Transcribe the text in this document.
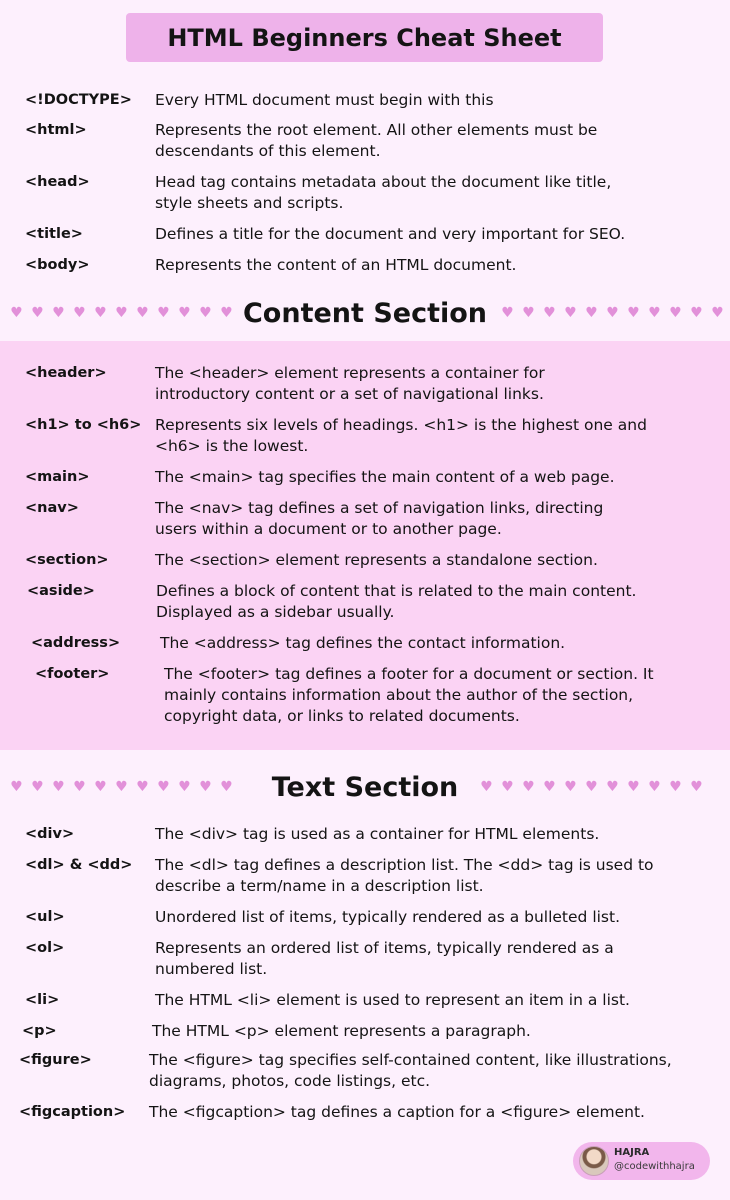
HTML Beginners Cheat Sheet
<!DOCTYPE> Every HTML document must begin with this
<html>	Represents the root element. All other elements must be
descendants of this element.
<head>	Head tag contains metadata about the document like title,
style sheets and scripts.
<title>	Defines a title for the document and very important for SEO.
<body>	Represents the content of an HTML document.
♥ ♥ ♥ ♥ ♥ ♥ ♥ ♥ ♥ ♥ ♥ Content Section	♥ ♥ ♥ ♥ ♥ ♥ ♥ ♥ ♥ ♥ ♥
<header>	The <header> element represents a container for
introductory content or a set of navigational links.
<h1> to <h6> Represents six levels of headings. <h1> is the highest one and
<h6> is the lowest.
<main>	The <main> tag specifies the main content of a web page.
<nav>	The <nav> tag defines a set of navigation links, directing
users within a document or to another page.
<section>	The <section> element represents a standalone section.
<aside>	Defines a block of content that is related to the main content.
Displayed as a sidebar usually.
<address>	The <address> tag defines the contact information.
<footer>	The <footer> tag defines a footer for a document or section. It
mainly contains information about the author of the section,
copyright data, or links to related documents.
♥ ♥ ♥ ♥ ♥ ♥ ♥ ♥ ♥ ♥ ♥	Text Section	♥ ♥ ♥ ♥ ♥ ♥ ♥ ♥ ♥ ♥ ♥
<div>	The <div> tag is used as a container for HTML elements.
<dl> & <dd> The <dl> tag defines a description list. The <dd> tag is used to
describe a term/name in a description list.
<ul>	Unordered list of items, typically rendered as a bulleted list.
<ol>	Represents an ordered list of items, typically rendered as a
numbered list.
<li>	The HTML <li> element is used to represent an item in a list.
<p>	The HTML <p> element represents a paragraph.
<figure>	The <figure> tag specifies self-contained content, like illustrations,
diagrams, photos, code listings, etc.
<figcaption> The <figcaption> tag defines a caption for a <figure> element.
HAJRA
@codewithhajra
